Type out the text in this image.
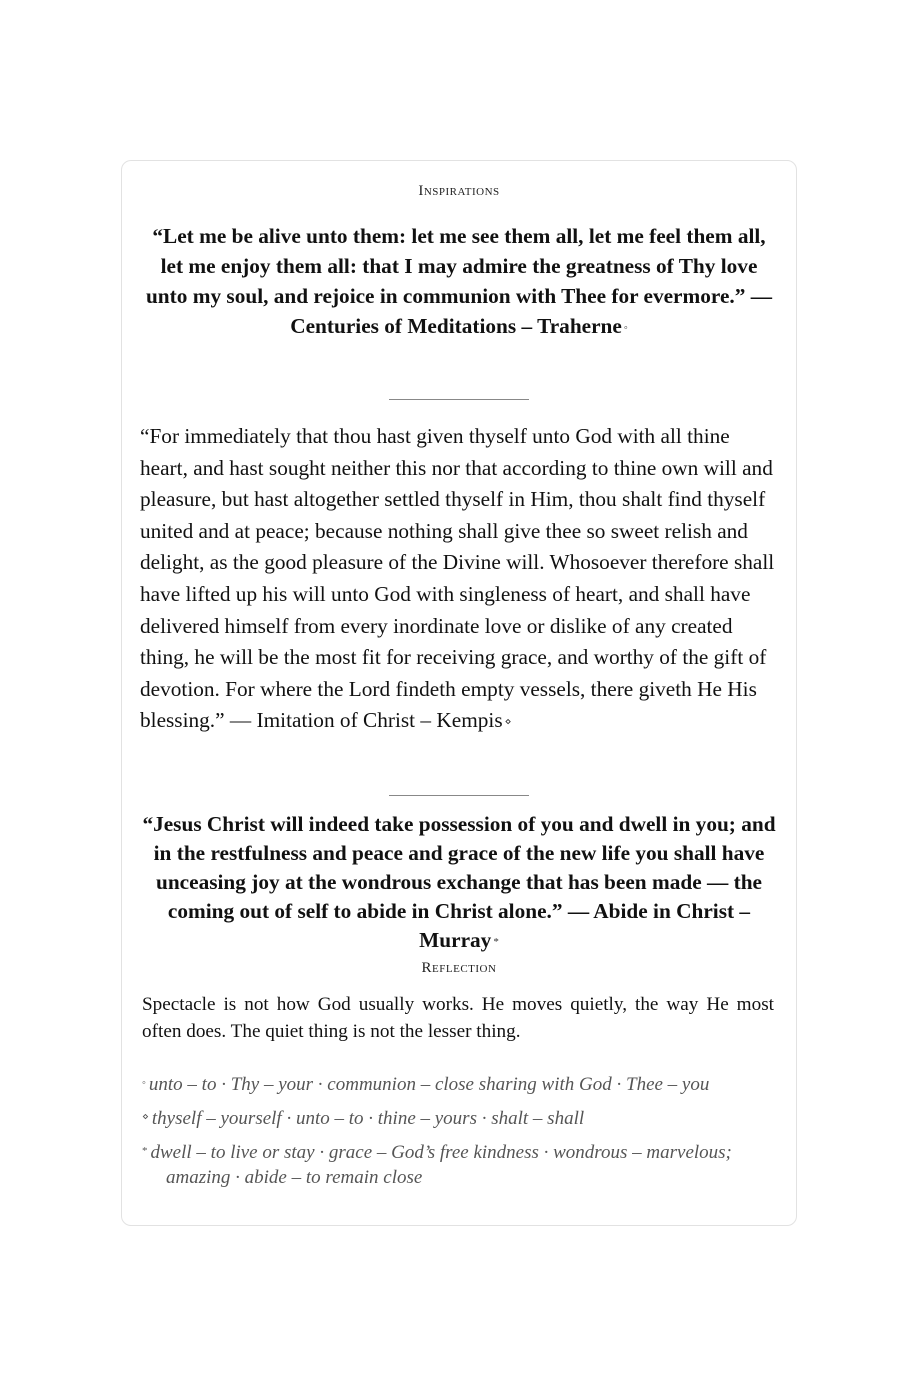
Inspirations
“Let me be alive unto them: let me see them all, let me feel them all, let me enjoy them all: that I may admire the greatness of Thy love unto my soul, and rejoice in communion with Thee for evermore.” —
Centuries of Meditations – Traherne ◦
“For immediately that thou hast given thyself unto God with all thine heart, and hast sought neither this nor that according to thine own will and pleasure, but hast altogether settled thyself in Him, thou shalt find thyself united and at peace; because nothing shall give thee so sweet relish and delight, as the good pleasure of the Divine will. Whosoever therefore shall have lifted up his will unto God with singleness of heart, and shall have delivered himself from every inordinate love or dislike of any created thing, he will be the most fit for receiving grace, and worthy of the gift of devotion. For where the Lord findeth empty vessels, there giveth He His blessing.” — Imitation of Christ – Kempis ⋄
“Jesus Christ will indeed take possession of you and dwell in you; and in the restfulness and peace and grace of the new life you shall have unceasing joy at the wondrous exchange that has been made — the coming out of self to abide in Christ alone.” — Abide in Christ – Murray *
Reflection
Spectacle is not how God usually works. He moves quietly, the way He most often does. The quiet thing is not the lesser thing.

◦ unto – to · Thy – your · communion – close sharing with God · Thee – you

⋄ thyself – yourself · unto – to · thine – yours · shalt – shall

* dwell – to live or stay · grace – God’s free kindness · wondrous – marvelous; amazing · abide – to remain close
